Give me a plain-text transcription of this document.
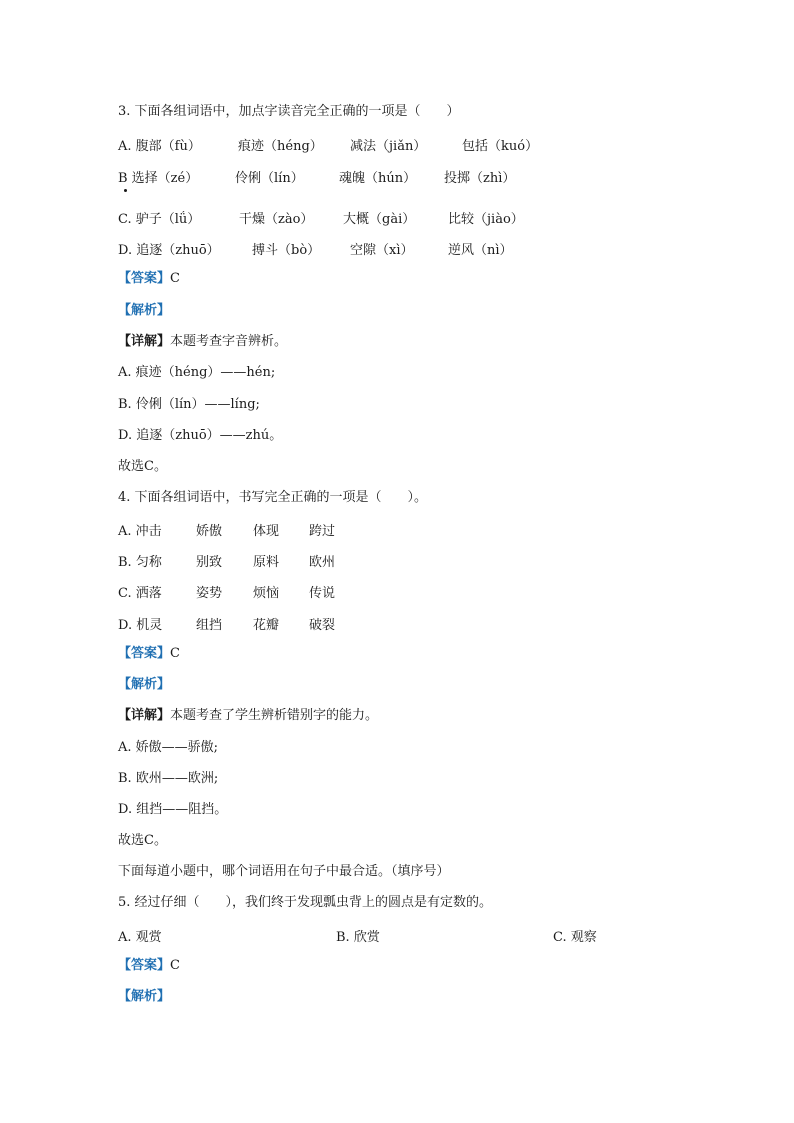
3. 下面各组词语中，加点字读音完全正确的一项是（　　）
A. 腹部（fù）	痕迹（héng） 减法（jiǎn）	包括（kuó）
B 选择（zé）	伶俐（lín）	魂魄（hún） 投掷（zhì）
C. 驴子（lǘ）	干燥（zào） 大概（gài）	比较（jiào）
D. 追逐（zhuō） 搏斗（bò） 空隙（xì）	逆风（nì）
【答案】C
【解析】
【详解】本题考查字音辨析。
A. 痕迹（héng）——hén;
B. 伶俐（lín）——líng;
D. 追逐（zhuō）——zhú。
故选C。
4. 下面各组词语中，书写完全正确的一项是（　　）。
A. 冲击	娇傲 体现 跨过
B. 匀称	别致 原料 欧州
C. 洒落	姿势 烦恼 传说
D. 机灵	组挡 花瓣 破裂
【答案】C
【解析】
【详解】本题考查了学生辨析错别字的能力。
A. 娇傲——骄傲;
B. 欧州——欧洲;
D. 组挡——阻挡。
故选C。
下面每道小题中，哪个词语用在句子中最合适。（填序号）
5. 经过仔细（　　），我们终于发现瓢虫背上的圆点是有定数的。
A. 观赏	B. 欣赏	C. 观察
【答案】C
【解析】
